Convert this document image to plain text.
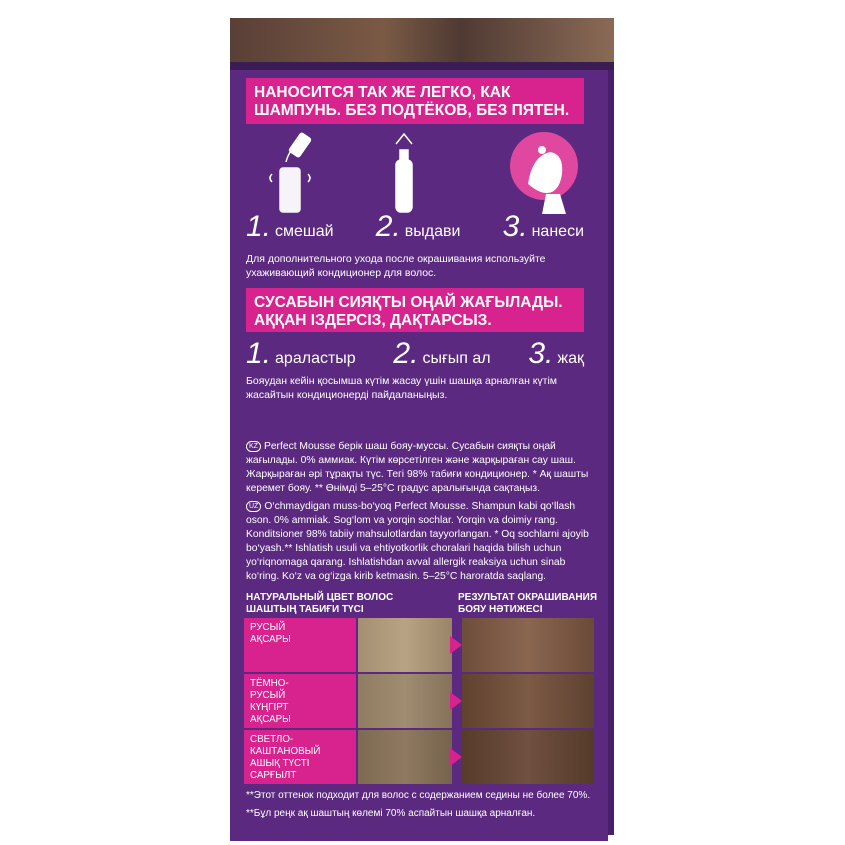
НАНОСИТСЯ ТАК ЖЕ ЛЕГКО, КАК ШАМПУНЬ. БЕЗ ПОДТЁКОВ, БЕЗ ПЯТЕН.
1. смешай 2. выдави 3. нанеси
Для дополнительного ухода после окрашивания используйте ухаживающий кондиционер для волос.
СУСАБЫН СИЯҚТЫ ОҢАЙ ЖАҒЫЛАДЫ. АҚҚАН ІЗДЕРСІЗ, ДАҚТАРСЫЗ.
1. араластыр 2. сығып ал 3. жақ
Бояудан кейін қосымша күтім жасау үшін шашқа арналған күтім жасайтын кондиционерді пайдаланыңыз.
KZ Perfect Mousse берік шаш бояу-муссы. Сусабын сияқты оңай жағылады. 0% аммиак. Күтім көрсетілген және жарқыраған сау шаш. Жарқыраған әрі тұрақты түс. Тегі 98% табиғи кондиционер. * Ақ шашты керемет бояу. ** Өнімді 5–25°С градус аралығында сақтаңыз.
UZ O‘chmaydigan muss-bo‘yoq Perfect Mousse. Shampun kabi qo‘llash oson. 0% ammiak. Sog‘lom va yorqin sochlar. Yorqin va doimiy rang. Konditsioner 98% tabiiy mahsulotlardan tayyorlangan. * Oq sochlarni ajoyib bo‘yash.** Ishlatish usuli va ehtiyotkorlik choralari haqida bilish uchun yo‘riqnomaga qarang. Ishlatishdan avval allergik reaksiya uchun sinab ko‘ring. Ko‘z va og‘izga kirib ketmasin. 5–25°C haroratda saqlang.
НАТУРАЛЬНЫЙ ЦВЕТ ВОЛОС
ШАШТЫҢ ТАБИҒИ ТҮСІ
РЕЗУЛЬТАТ ОКРАШИВАНИЯ
БОЯУ НӘТИЖЕСІ
РУСЫЙ
АҚСАРЫ
ТЁМНО-
РУСЫЙ
КҮҢГІРТ
АҚСАРЫ
СВЕТЛО-
КАШТАНОВЫЙ
АШЫҚ ТҮСТІ
САРҒЫЛТ
**Этот оттенок подходит для волос с содержанием седины не более 70%.
**Бұл реңк ақ шаштың көлемі 70% аспайтын шашқа арналған.
